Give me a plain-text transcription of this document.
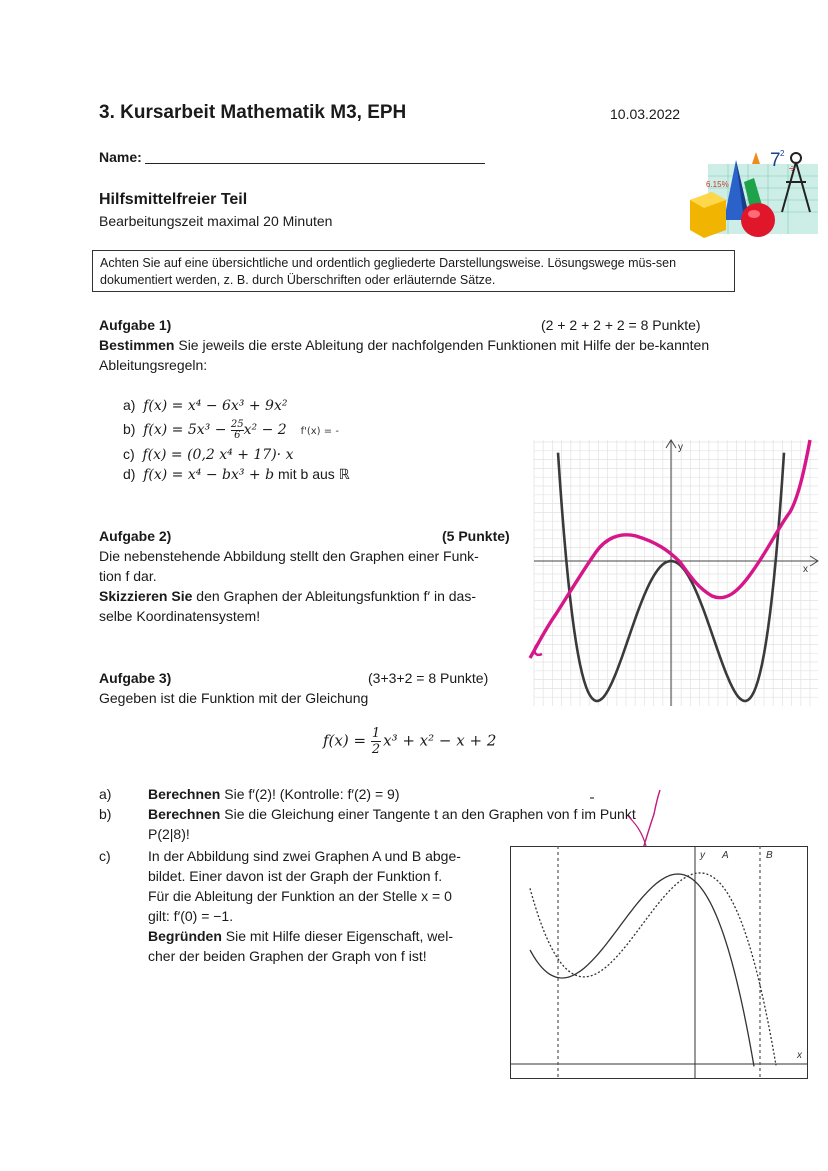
3. Kursarbeit Mathematik M3, EPH	10.03.2022
Name:	7 2
÷
6.15%
Hilfsmittelfreier Teil
Bearbeitungszeit maximal 20 Minuten
Achten Sie auf eine übersichtliche und ordentlich gegliederte Darstellungsweise. Lösungswege müs-sen dokumentiert werden, z. B. durch Überschriften oder erläuternde Sätze.
Aufgabe 1)	(2 + 2 + 2 + 2 = 8 Punkte)
Bestimmen Sie jeweils die erste Ableitung der nachfolgenden Funktionen mit Hilfe der be-kannten Ableitungsregeln:
a) f(x) = x⁴ − 6x³ + 9x²
b) $f(x) = 5x^3 - \frac{25}{6} x^2 - 2$ f'(x) = -
c) f(x) = (0,2 x⁴ + 17)· x
d) f(x) = x⁴ − bx³ + b mit b aus ℝ
Aufgabe 2)	(5 Punkte)
Die nebenstehende Abbildung stellt den Graphen einer Funk-
tion f dar.
Skizzieren Sie den Graphen der Ableitungsfunktion f′ in das-
selbe Koordinatensystem!
y
x
Aufgabe 3)	(3+3+2 = 8 Punkte)
Gegeben ist die Funktion mit der Gleichung
$f(x) = \frac{1}{2} x^3 + x^2 - x + 2$
a)	Berechnen Sie f′(2)! (Kontrolle: f′(2) = 9)
b)	Berechnen Sie die Gleichung einer Tangente t an den Graphen von f im Punkt
P(2|8)!
c)	In der Abbildung sind zwei Graphen A und B abge-
bildet. Einer davon ist der Graph der Funktion f.
Für die Ableitung der Funktion an der Stelle x = 0
gilt: f′(0) = −1.
Begründen Sie mit Hilfe dieser Eigenschaft, wel-
cher der beiden Graphen der Graph von f ist!
y A	B
x
